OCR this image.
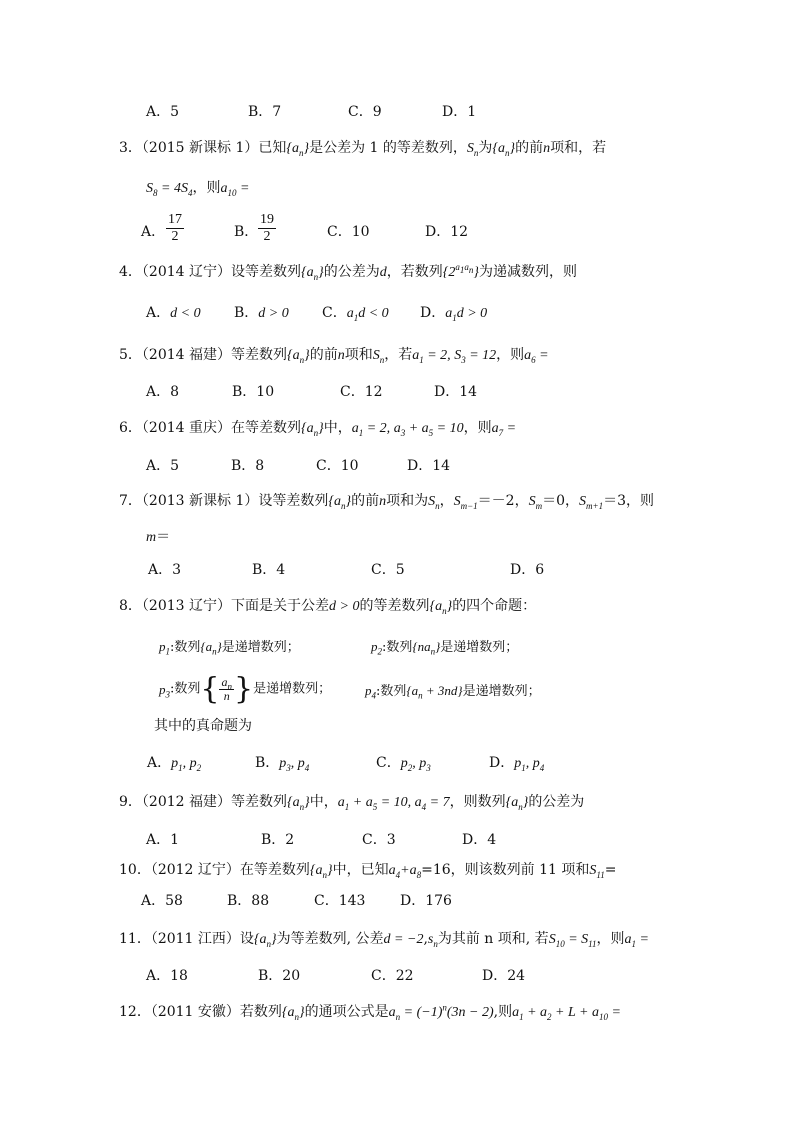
A．5	B．7	C．9	D．1
3．（2015 新课标 1）已知$\{a_n\}$是公差为 1 的等差数列，$S_n$为$\{a_n\}$的前n项和，若
$S_8 = 4S_4$，则$a_{10}$ =
A． $\frac{17}{2}$	B． $\frac{19}{2}$	C．10	D．12
4．（2014 辽宁）设等差数列$\{a_n\}$的公差为d，若数列$\{2^{a_1a_n}\}$为递减数列，则
A．d < 0 B．d > 0 C．$a_1d < 0$ D．$a_1d > 0$
5．（2014 福建）等差数列$\{a_n\}$的前n项和$S_n$，若$a_1 = 2$, $S_3 = 12$，则$a_6$ =
A．8	B．10	C．12	D．14
6．（2014 重庆）在等差数列$\{a_n\}$中，$a_1 = 2$, $a_3 + a_5 = 10$，则$a_7$ =
A．5	B．8	C．10	D．14
7．（2013 新课标 1）设等差数列$\{a_n\}$的前n项和为$S_n$，$S_{m-1}=-2$，$S_m=0$，$S_{m+1}=3$，则
m＝
A．3	B．4	C．5	D．6
8．（2013 辽宁）下面是关于公差d > 0的等差数列$\{a_n\}$的四个命题：
$p_1$:数列$\{a_n\}$是递增数列；	$p_2$:数列$\{na_n\}$是递增数列；
$p_3$:数列{ $\frac{a_n}{n}$ }是递增数列；	$p_4$:数列$\{a_n + 3nd\}$是递增数列；
其中的真命题为
A．$p_1$, $p_2$	B．$p_3$, $p_4$	C．$p_2$, $p_3$	D．$p_1$, $p_4$
9．（2012 福建）等差数列$\{a_n\}$中，$a_1 + a_5 = 10$, $a_4 = 7$，则数列$\{a_n\}$的公差为
A．1	B．2	C．3	D．4
10．（2012 辽宁）在等差数列$\{a_n\}$中，已知$a_4+a_8=16$，则该数列前 11 项和$S_{11}=$
A．58	B．88	C．143 D．176
11．（2011 江西）设$\{a_n\}$为等差数列, 公差$d = -2,s_n$为其前 n 项和, 若$S_{10} = S_{11}$，则$a_1$ =
A．18	B．20	C．22	D．24
12．（2011 安徽）若数列$\{a_n\}$的通项公式是$a_n = (-1)^n(3n - 2)$,则$a_1 + a_2 + L + a_{10}$ =
